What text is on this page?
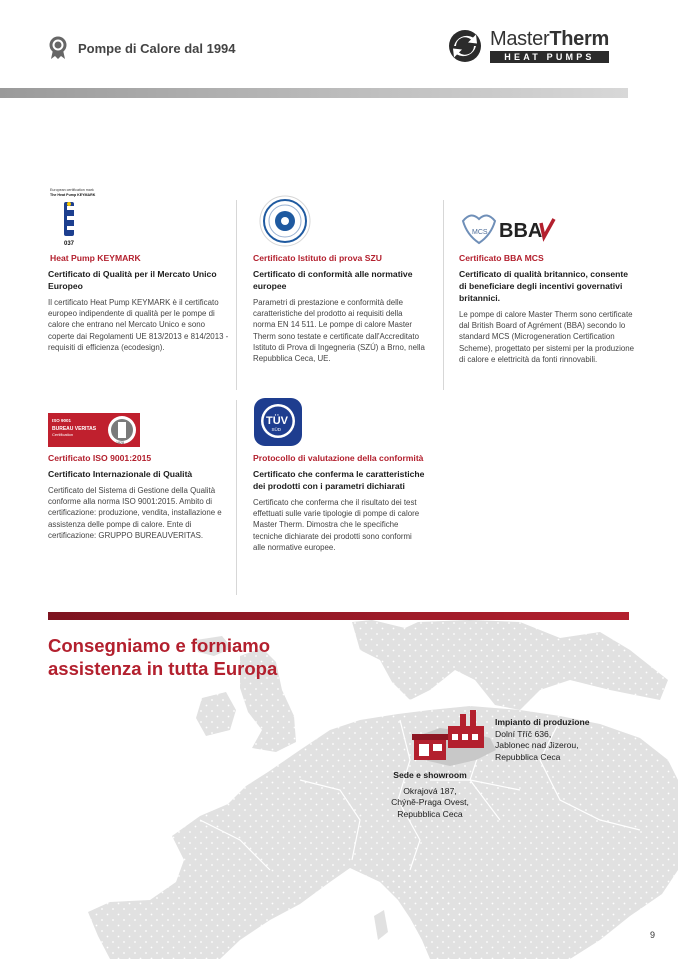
Pompe di Calore dal 1994	MasterTherm
HEAT PUMPS
European certification mark
The Heat Pump KEYMARK
037
Heat Pump KEYMARK
Certificato di Qualità per il Mercato Unico Europeo
Il certificato Heat Pump KEYMARK è il certificato europeo indipendente di qualità per le pompe di calore che entrano nel Mercato Unico e sono coperte dai Regolamenti UE 813/2013 e 814/2013 - requisiti di efficienza (ecodesign).
Certificato Istituto di prova SZU
Certificato di conformità alle normative europee
Parametri di prestazione e conformità delle caratteristiche del prodotto ai requisiti della norma EN 14 511. Le pompe di calore Master Therm sono testate e certificate dall'Accreditato Istituto di Prova di Ingegneria (SZÚ) a Brno, nella Repubblica Ceca, UE.
MCS BBA
Certificato BBA MCS
Certificato di qualità britannico, consente di beneficiare degli incentivi governativi britannici.
Le pompe di calore Master Therm sono certificate dal British Board of Agrément (BBA) secondo lo standard MCS (Microgeneration Certification Scheme), progettato per sistemi per la produzione di calore e elettricità da fonti rinnovabili.
ISO 9001
BUREAU VERITAS
Certification
1828
Certificato ISO 9001:2015
Certificato Internazionale di Qualità
Certificato del Sistema di Gestione della Qualità conforme alla norma ISO 9001:2015. Ambito di certificazione: produzione, vendita, installazione e assistenza delle pompe di calore. Ente di certificazione: GRUPPO BUREAUVERITAS.
TÜV
SÜD
Protocollo di valutazione della conformità
Certificato che conferma le caratteristiche dei prodotti con i parametri dichiarati
Certificato che conferma che il risultato dei test effettuati sulle varie tipologie di pompe di calore Master Therm. Dimostra che le specifiche tecniche dichiarate dei prodotti sono conformi alle normative europee.
Consegniamo e forniamo assistenza in tutta Europa
Impianto di produzione
Dolní Tříč 636,
Jablonec nad Jizerou,
Repubblica Ceca
Sede e showroom
Okrajová 187,
Chýně-Praga Ovest,
Repubblica Ceca
9
